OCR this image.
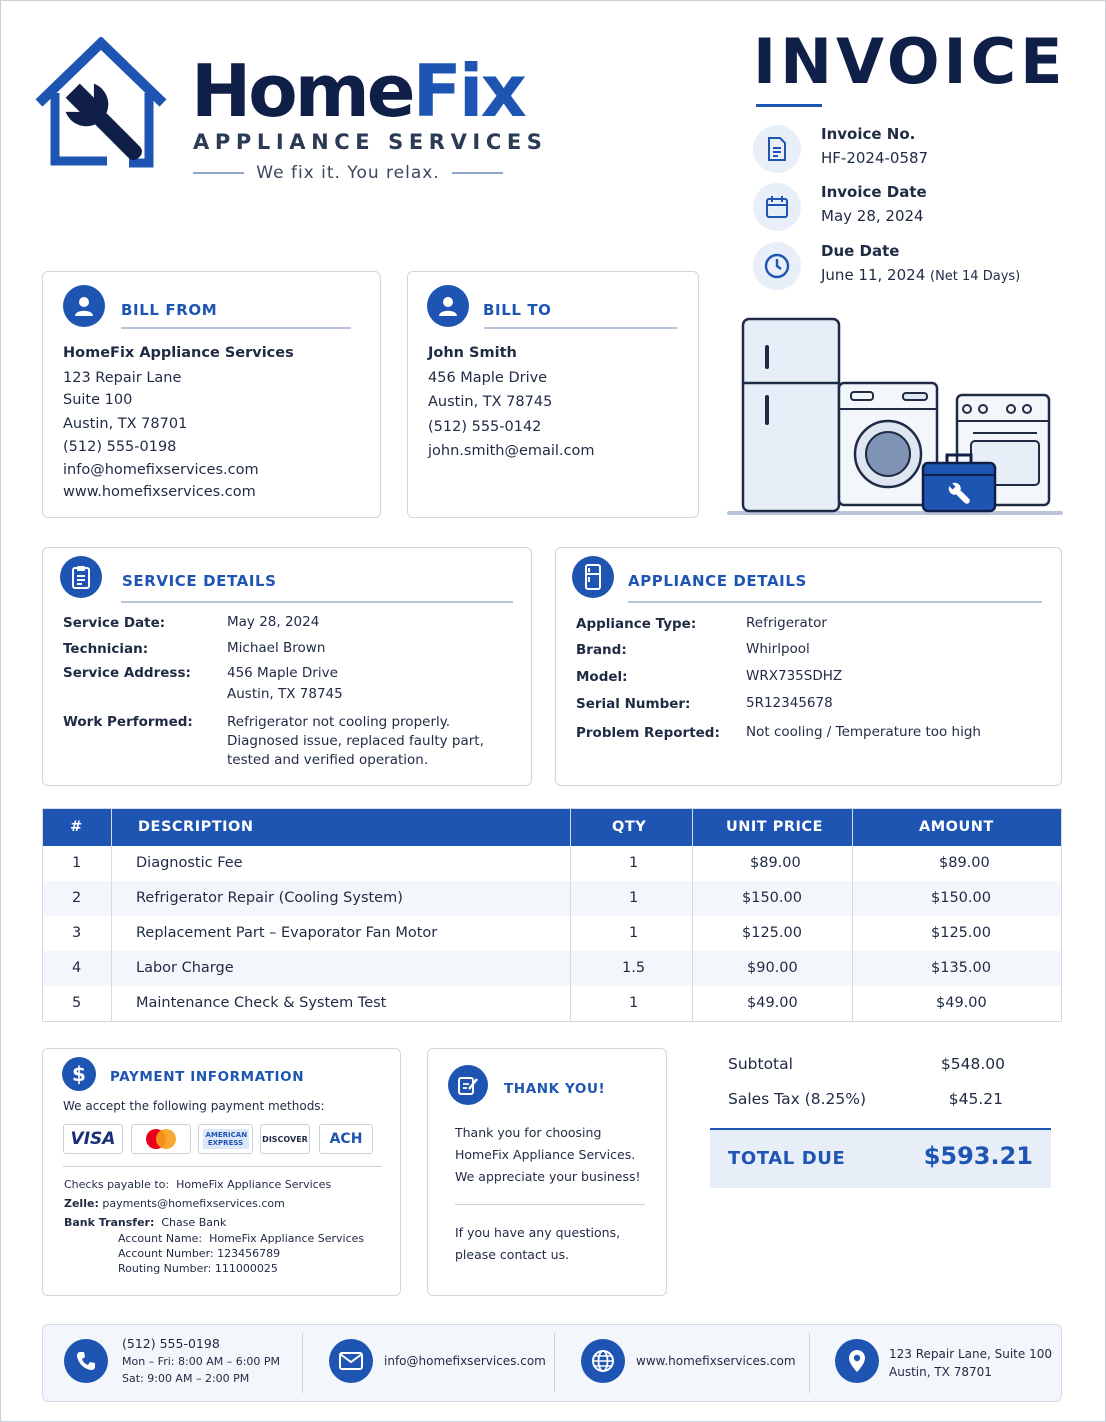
HomeFix
APPLIANCE SERVICES
We fix it. You relax.
INVOICE
Invoice No.
HF-2024-0587
Invoice Date
May 28, 2024
Due Date
June 11, 2024 (Net 14 Days)
BILL FROM
HomeFix Appliance Services
123 Repair Lane
Suite 100
Austin, TX 78701
(512) 555-0198
info@homefixservices.com
www.homefixservices.com
BILL TO
John Smith
456 Maple Drive
Austin, TX 78745
(512) 555-0142
john.smith@email.com
SERVICE DETAILS
Service Date:	May 28, 2024
Technician:	Michael Brown
Service Address:	456 Maple Drive
Austin, TX 78745
Work Performed:	Refrigerator not cooling properly.
Diagnosed issue, replaced faulty part,
tested and verified operation.
APPLIANCE DETAILS
Appliance Type:	Refrigerator
Brand:	Whirlpool
Model:	WRX735SDHZ
Serial Number:	5R12345678
Problem Reported: Not cooling / Temperature too high
#	DESCRIPTION	QTY	UNIT PRICE	AMOUNT
1	Diagnostic Fee	1	$89.00	$89.00
2	Refrigerator Repair (Cooling System)	1	$150.00	$150.00
3	Replacement Part – Evaporator Fan Motor	1	$125.00	$125.00
4	Labor Charge	1.5	$90.00	$135.00
5	Maintenance Check & System Test	1	$49.00	$49.00
$ PAYMENT INFORMATION
We accept the following payment methods:
VISA	AMERICAN EXPRESS	DISCOVER ACH
Checks payable to: HomeFix Appliance Services
Zelle: payments@homefixservices.com
Bank Transfer: Chase Bank
Account Name: HomeFix Appliance Services
Account Number: 123456789
Routing Number: 111000025
THANK YOU!
Thank you for choosing
HomeFix Appliance Services.
We appreciate your business!
If you have any questions,
please contact us.
Subtotal	$548.00
Sales Tax (8.25%)	$45.21
TOTAL DUE	$593.21
(512) 555-0198
Mon – Fri: 8:00 AM – 6:00 PM
Sat: 9:00 AM – 2:00 PM
info@homefixservices.com	www.homefixservices.com	123 Repair Lane, Suite 100
Austin, TX 78701
